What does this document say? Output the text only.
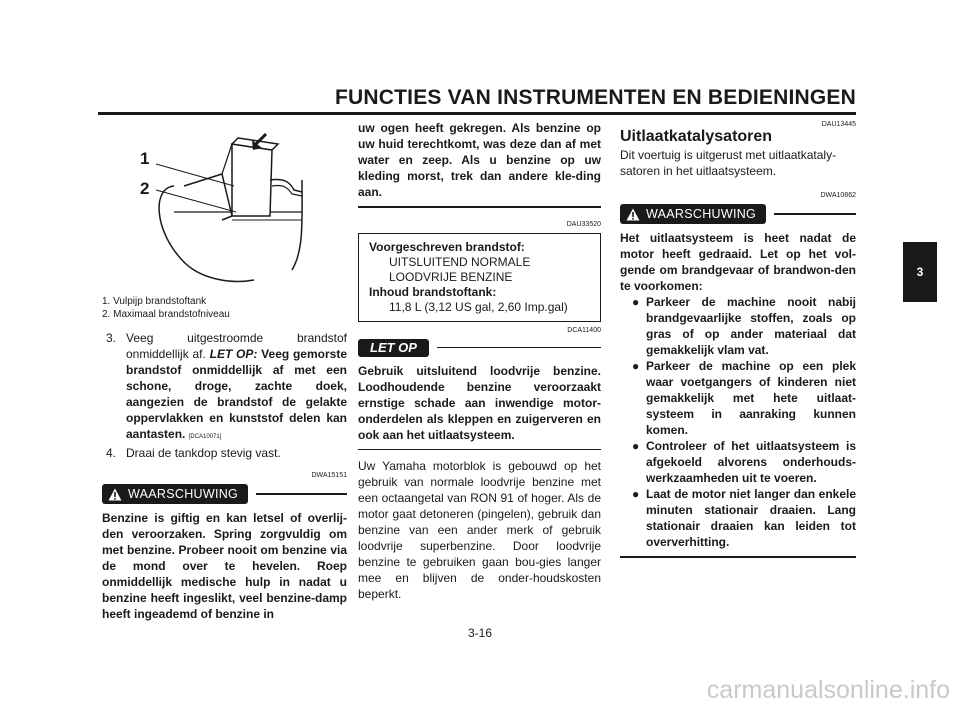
FUNCTIES VAN INSTRUMENTEN EN BEDIENINGEN
3
1
2
1. Vulpijp brandstoftank
2. Maximaal brandstofniveau
3. Veeg uitgestroomde brandstof onmiddellijk af. LET OP: Veeg gemorste brandstof onmiddellijk af met een schone, droge, zachte doek, aangezien de brandstof de gelakte oppervlakken en kunststof delen kan aantasten. [DCA10071]
4. Draai de tankdop stevig vast.
DWA15151
WAARSCHUWING
Benzine is giftig en kan letsel of overlij-den veroorzaken. Spring zorgvuldig om met benzine. Probeer nooit om benzine via de mond over te hevelen. Roep onmiddellijk medische hulp in nadat u benzine heeft ingeslikt, veel benzine-damp heeft ingeademd of benzine in
uw ogen heeft gekregen. Als benzine op uw huid terechtkomt, was deze dan af met water en zeep. Als u benzine op uw kleding morst, trek dan andere kle-ding aan.
DAU33520
Voorgeschreven brandstof:
UITSLUITEND NORMALE
LOODVRIJE BENZINE
Inhoud brandstoftank:
11,8 L (3,12 US gal, 2,60 Imp.gal)
DCA11400
LET OP
Gebruik uitsluitend loodvrije benzine. Loodhoudende benzine veroorzaakt ernstige schade aan inwendige motor-onderdelen als kleppen en zuigerveren en ook aan het uitlaatsysteem.
Uw Yamaha motorblok is gebouwd op het gebruik van normale loodvrije benzine met een octaangetal van RON 91 of hoger. Als de motor gaat detoneren (pingelen), gebruik dan benzine van een ander merk of gebruik loodvrije superbenzine. Door loodvrije benzine te gebruiken gaan bou-gies langer mee en blijven de onder-houdskosten beperkt.
DAU13445
Uitlaatkatalysatoren
Dit voertuig is uitgerust met uitlaatkataly-satoren in het uitlaatsysteem.
DWA10862
WAARSCHUWING
Het uitlaatsysteem is heet nadat de motor heeft gedraaid. Let op het vol-gende om brandgevaar of brandwon-den te voorkomen:
● Parkeer de machine nooit nabij brandgevaarlijke stoffen, zoals op gras of op ander materiaal dat gemakkelijk vlam vat.
● Parkeer de machine op een plek waar voetgangers of kinderen niet gemakkelijk met hete uitlaat-systeem in aanraking kunnen komen.
● Controleer of het uitlaatsysteem is afgekoeld alvorens onderhouds-werkzaamheden uit te voeren.
● Laat de motor niet langer dan enkele minuten stationair draaien. Lang stationair draaien kan leiden tot oververhitting.
3-16
carmanualsonline.info
